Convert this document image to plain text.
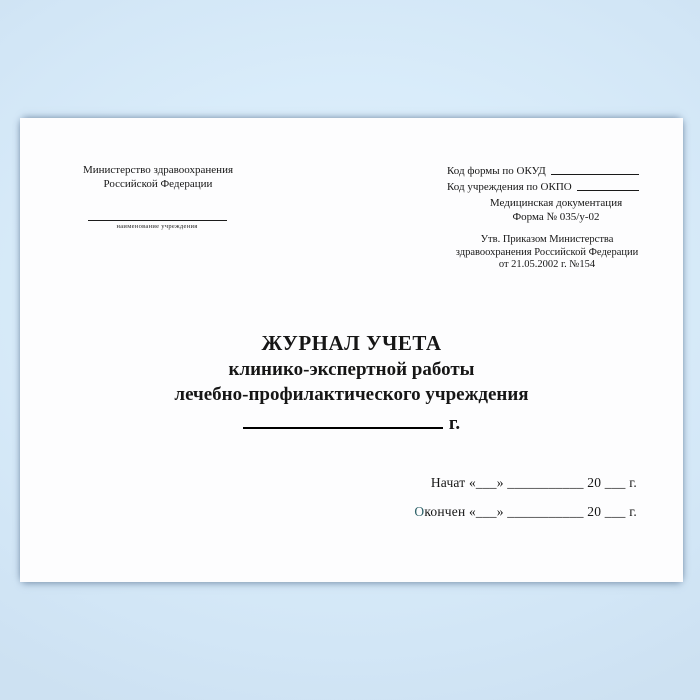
Министерство здравоохранения
Российской Федерации
наименование учреждения
Код формы по ОКУД
Код учреждения по ОКПО
Медицинская документация
Форма № 035/у-02
Утв. Приказом Министерства
здравоохранения Российской Федерации
от 21.05.2002 г. №154
ЖУРНАЛ УЧЕТА
клинико-экспертной работы
лечебно-профилактического учреждения
г.
Начат «___» ___________ 20 ___ г.
Окончен «___» ___________ 20 ___ г.
